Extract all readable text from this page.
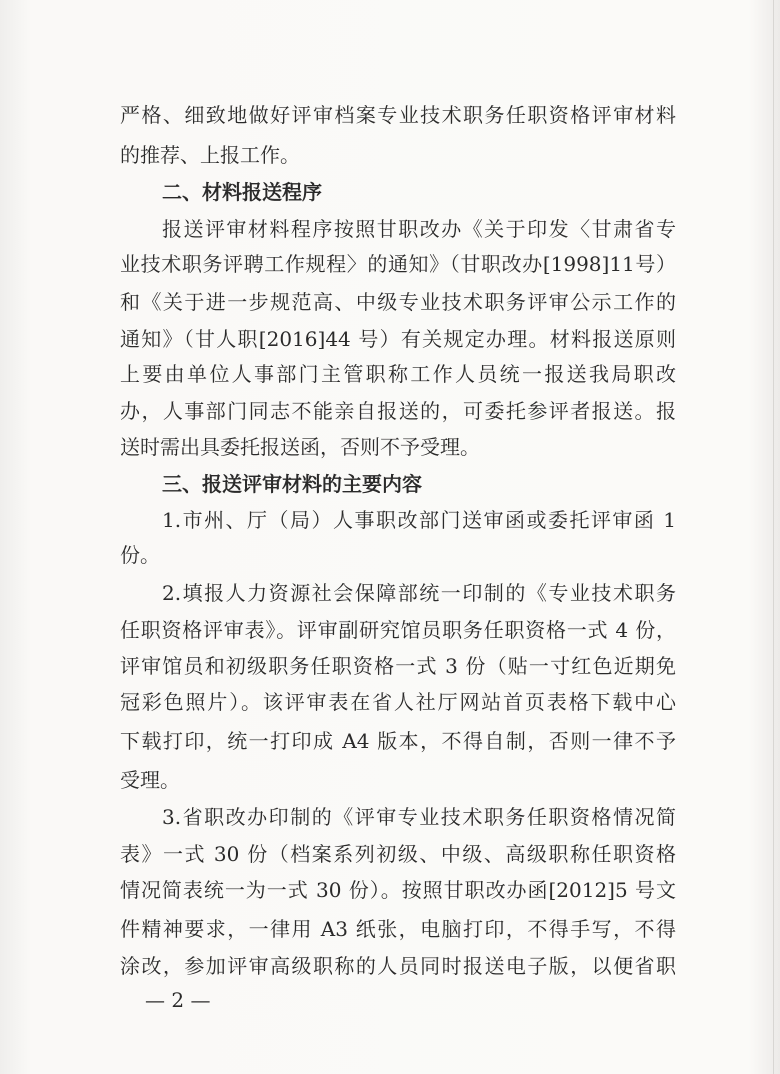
严格、细致地做好评审档案专业技术职务任职资格评审材料
的推荐、上报工作。
二、材料报送程序
报送评审材料程序按照甘职改办《关于印发〈甘肃省专
业技术职务评聘工作规程〉的通知》（甘职改办[1998]11号）
和《关于进一步规范高、中级专业技术职务评审公示工作的
通知》（甘人职[2016]44 号）有关规定办理。材料报送原则
上要由单位人事部门主管职称工作人员统一报送我局职改
办，人事部门同志不能亲自报送的，可委托参评者报送。报
送时需出具委托报送函，否则不予受理。
三、报送评审材料的主要内容
1.市州、厅（局）人事职改部门送审函或委托评审函 1
份。
2.填报人力资源社会保障部统一印制的《专业技术职务
任职资格评审表》。评审副研究馆员职务任职资格一式 4 份，
评审馆员和初级职务任职资格一式 3 份（贴一寸红色近期免
冠彩色照片）。该评审表在省人社厅网站首页表格下载中心
下载打印，统一打印成 A4 版本，不得自制，否则一律不予
受理。
3.省职改办印制的《评审专业技术职务任职资格情况简
表》一式 30 份（档案系列初级、中级、高级职称任职资格
情况简表统一为一式 30 份）。按照甘职改办函[2012]5 号文
件精神要求，一律用 A3 纸张，电脑打印，不得手写，不得
涂改，参加评审高级职称的人员同时报送电子版，以便省职
— 2 —
